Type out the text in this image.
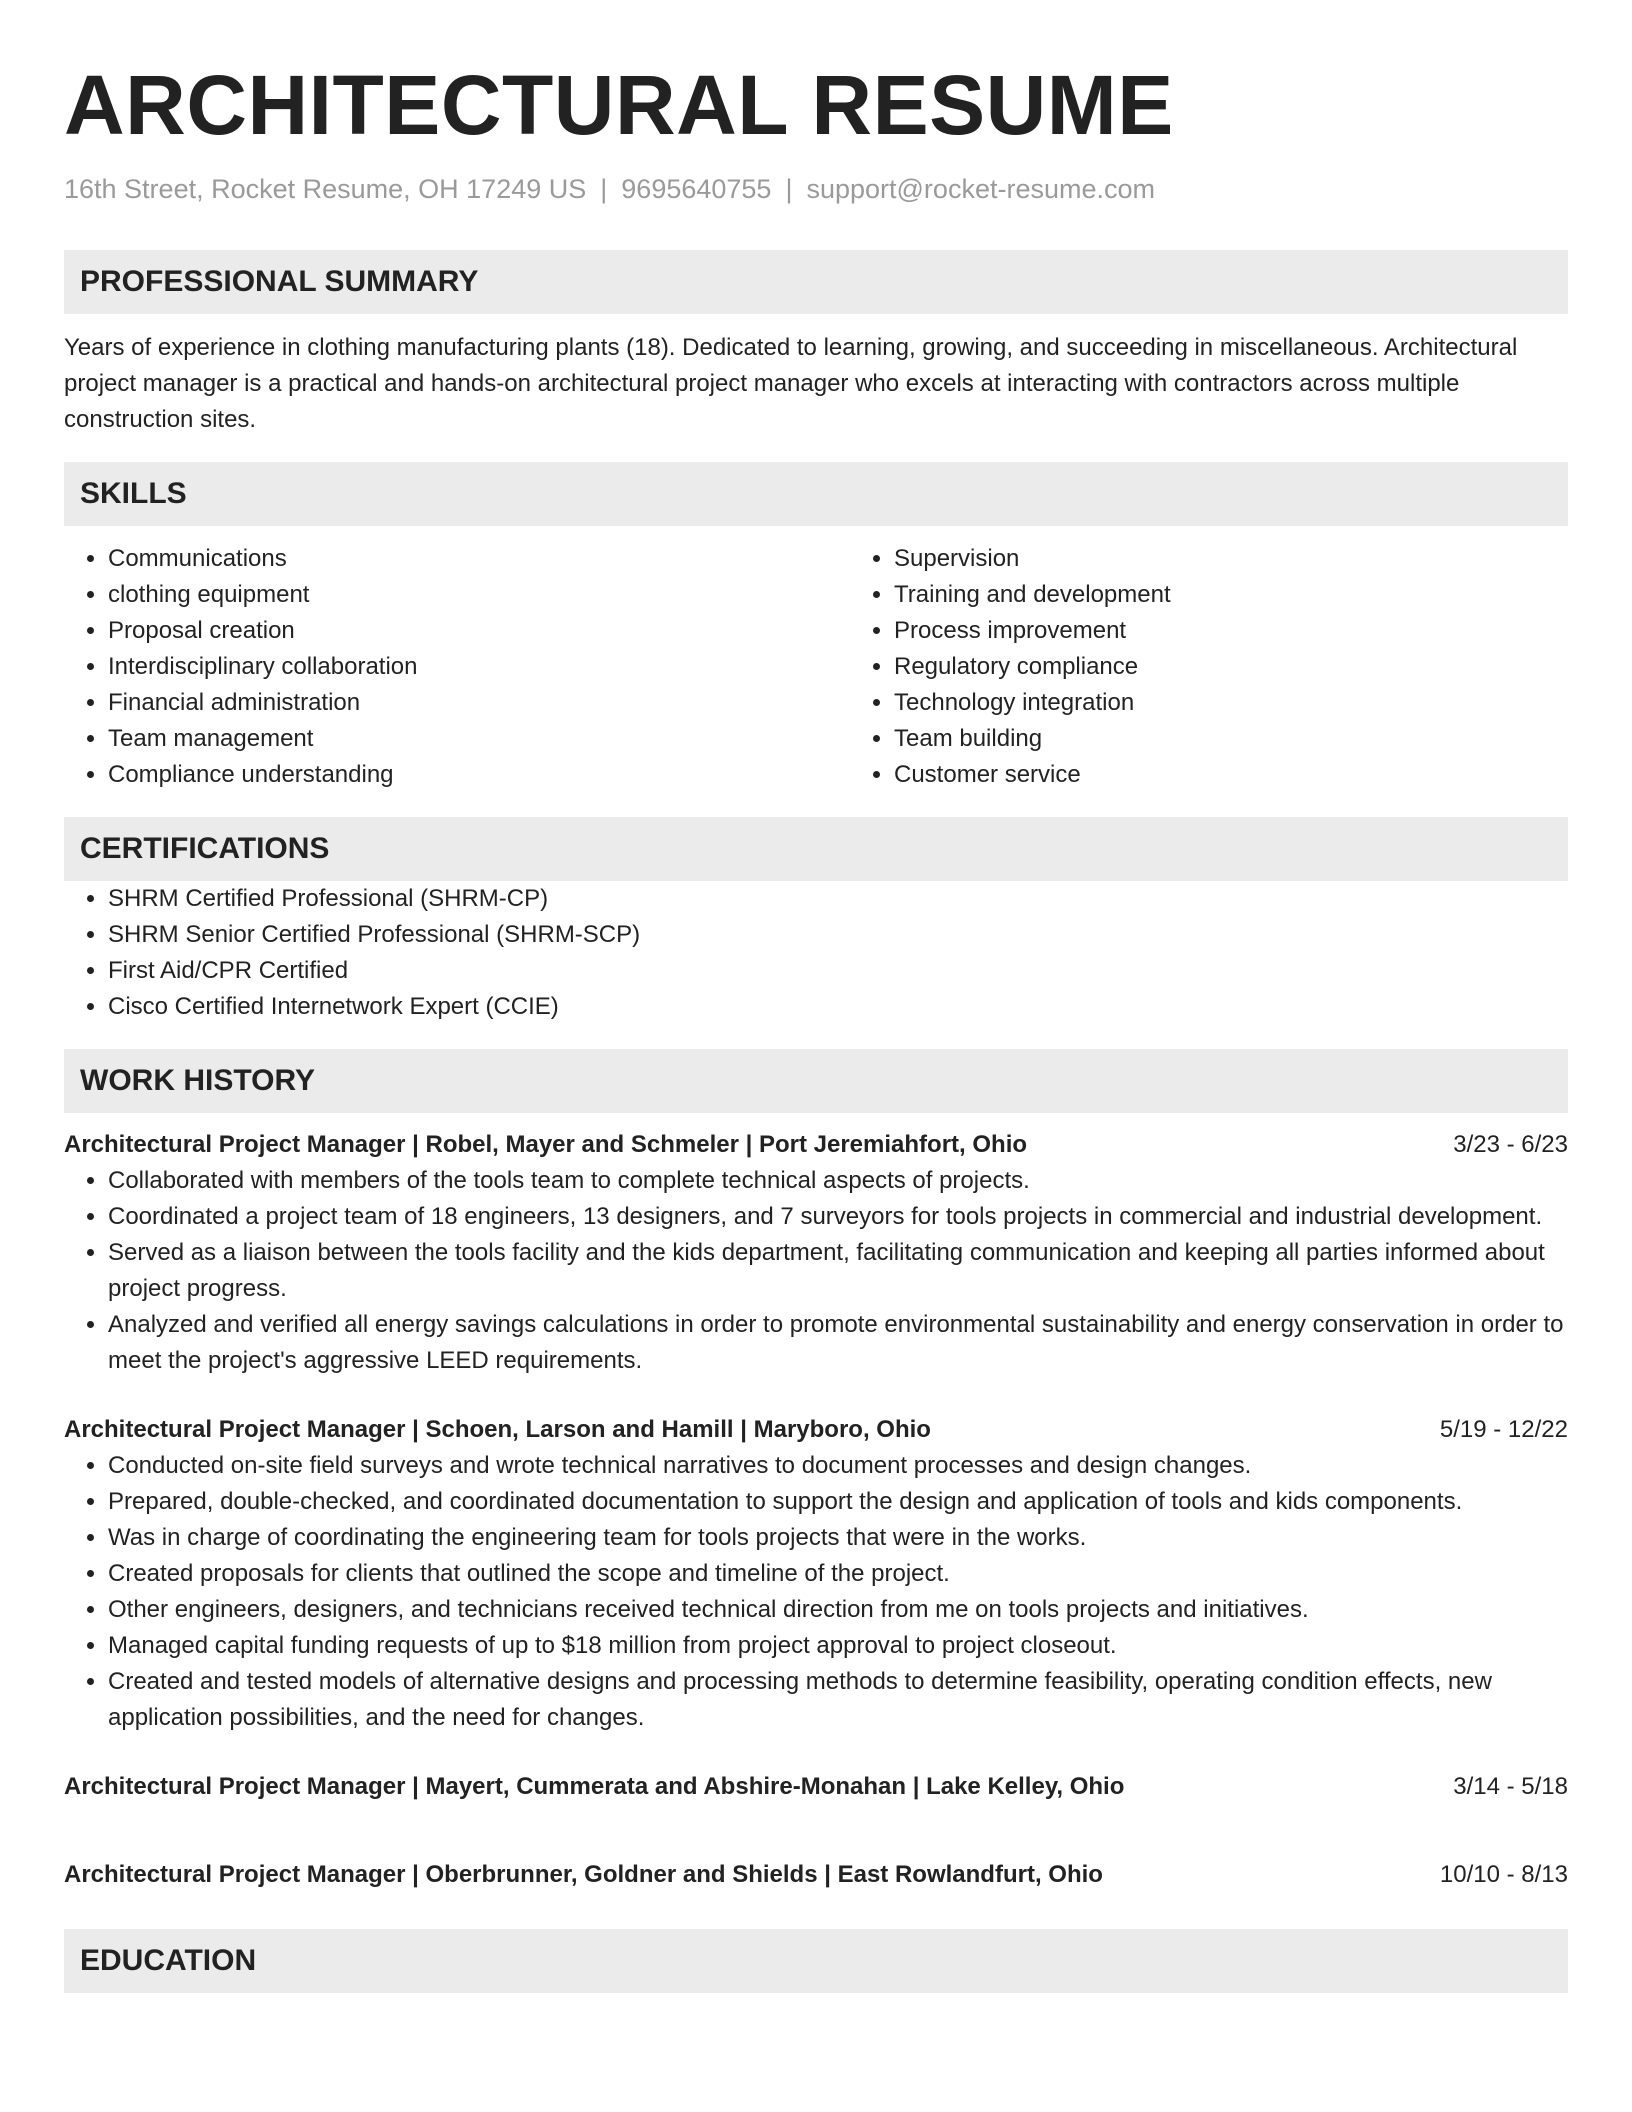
ARCHITECTURAL RESUME
16th Street, Rocket Resume, OH 17249 US | 9695640755 | support@rocket-resume.com
PROFESSIONAL SUMMARY

Years of experience in clothing manufacturing plants (18). Dedicated to learning, growing, and succeeding in miscellaneous. Architectural project manager is a practical and hands-on architectural project manager who excels at interacting with contractors across multiple construction sites.

SKILLS
• Communications
• clothing equipment
• Proposal creation
• Interdisciplinary collaboration
• Financial administration
• Team management
• Compliance understanding
• Supervision
• Training and development
• Process improvement
• Regulatory compliance
• Technology integration
• Team building
• Customer service
CERTIFICATIONS
• SHRM Certified Professional (SHRM-CP)
• SHRM Senior Certified Professional (SHRM-SCP)
• First Aid/CPR Certified
• Cisco Certified Internetwork Expert (CCIE)
WORK HISTORY
Architectural Project Manager | Robel, Mayer and Schmeler | Port Jeremiahfort, Ohio	3/23 - 6/23
• Collaborated with members of the tools team to complete technical aspects of projects.
• Coordinated a project team of 18 engineers, 13 designers, and 7 surveyors for tools projects in commercial and industrial development.
• Served as a liaison between the tools facility and the kids department, facilitating communication and keeping all parties informed about project progress.
• Analyzed and verified all energy savings calculations in order to promote environmental sustainability and energy conservation in order to meet the project's aggressive LEED requirements.
Architectural Project Manager | Schoen, Larson and Hamill | Maryboro, Ohio	5/19 - 12/22
• Conducted on-site field surveys and wrote technical narratives to document processes and design changes.
• Prepared, double-checked, and coordinated documentation to support the design and application of tools and kids components.
• Was in charge of coordinating the engineering team for tools projects that were in the works.
• Created proposals for clients that outlined the scope and timeline of the project.
• Other engineers, designers, and technicians received technical direction from me on tools projects and initiatives.
• Managed capital funding requests of up to $18 million from project approval to project closeout.
• Created and tested models of alternative designs and processing methods to determine feasibility, operating condition effects, new application possibilities, and the need for changes.
Architectural Project Manager | Mayert, Cummerata and Abshire-Monahan | Lake Kelley, Ohio	3/14 - 5/18
Architectural Project Manager | Oberbrunner, Goldner and Shields | East Rowlandfurt, Ohio	10/10 - 8/13
EDUCATION
